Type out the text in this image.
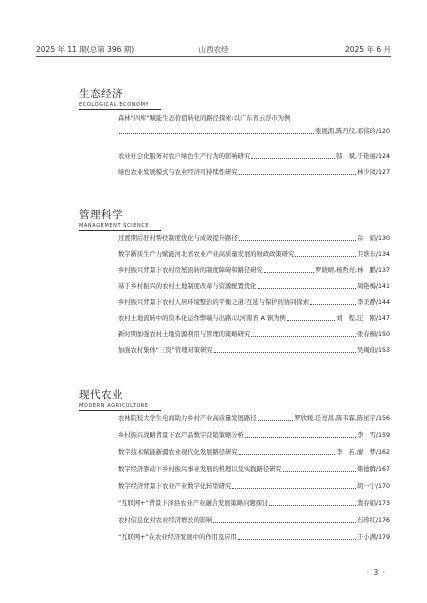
2025 年 11 期(总第 396 期)	山西农经	2025 年 6 月
生态经济
ECOLOGICAL ECONOMY
森林“四库”赋能生态价值转化的路径探索:以广东省云浮市为例
张展湄,陈丹仪,邓伟玲 /120
农业社会化服务对农户绿色生产行为的影响研究	韩　斌,于艳丽 /124
绿色农业发展模式与农业经济可持续性研究	林少凤 /127
管理科学
MANAGEMENT SCIENCE
过渡期后驻村帮扶制度优化与成效提升路径	佘　娟 /130
数字新质生产力赋能河北省农业产业高质量发展的财政政策研究	卫谯东 /134
乡村振兴背景下农村房屋流转的制度障碍和路径研究	罗晓晴,杨哲亮,林　鹏 /137
基于乡村振兴的农村土地制度改革与资源配置优化	周艳梅 /141
乡村振兴背景下农村人居环境整治的平衡之道:互延与保护的协同探索	李美静 /144
农村土地流转中的资本化运作弊端与出路:以河南省 A 镇为例	刘　程,汪　刚 /147
新时期加强农村土地资源利用与管理的策略研究	张春桐 /150
加强农村集体“三资”管理对策研究	吴闽仙 /153
现代农业
MODERN AGRICULTURE
农林院校大学生电商助力乡村产业高质量发展路径	罗欣媛,任亮昌,陈韦霖,陈星宇 /156
乡村振兴战略背景下农产品数字营销策略分析	李　雪 /159
数字技术赋能新疆农业现代化发展路径研究	李　若,廖　梦 /162
数字经济驱动下乡村振兴事业发展的机理以及实践路径研究	柴德腾 /167
数字经济背景下农业产业数字化转型研究	胡一宁 /170
“互联网+”背景下泽县农业产业融合发展策略问题探讨	裴春娟 /173
农村信息化对农业经济增长的影响	石珍红 /176
“互联网+”在农业经济发展中的作用及应用	于小满 /179
· 3 ·
